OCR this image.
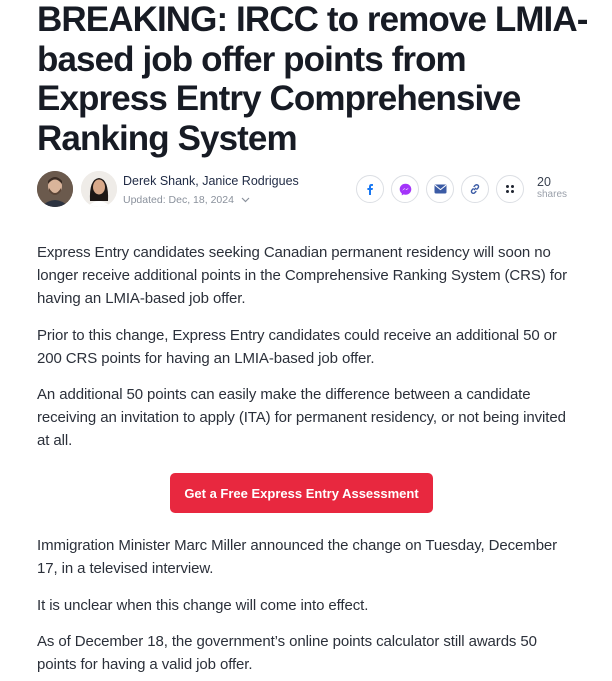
BREAKING: IRCC to remove LMIA-based job offer points from Express Entry Comprehensive Ranking System
Derek Shank, Janice Rodrigues
Updated: Dec, 18, 2024
20
shares

Express Entry candidates seeking Canadian permanent residency will soon no longer receive additional points in the Comprehensive Ranking System (CRS) for having an LMIA-based job offer.

Prior to this change, Express Entry candidates could receive an additional 50 or 200 CRS points for having an LMIA-based job offer.

An additional 50 points can easily make the difference between a candidate receiving an invitation to apply (ITA) for permanent residency, or not being invited at all.

Get a Free Express Entry Assessment

Immigration Minister Marc Miller announced the change on Tuesday, December 17, in a televised interview.

It is unclear when this change will come into effect.

As of December 18, the government’s online points calculator still awards 50 points for having a valid job offer.
